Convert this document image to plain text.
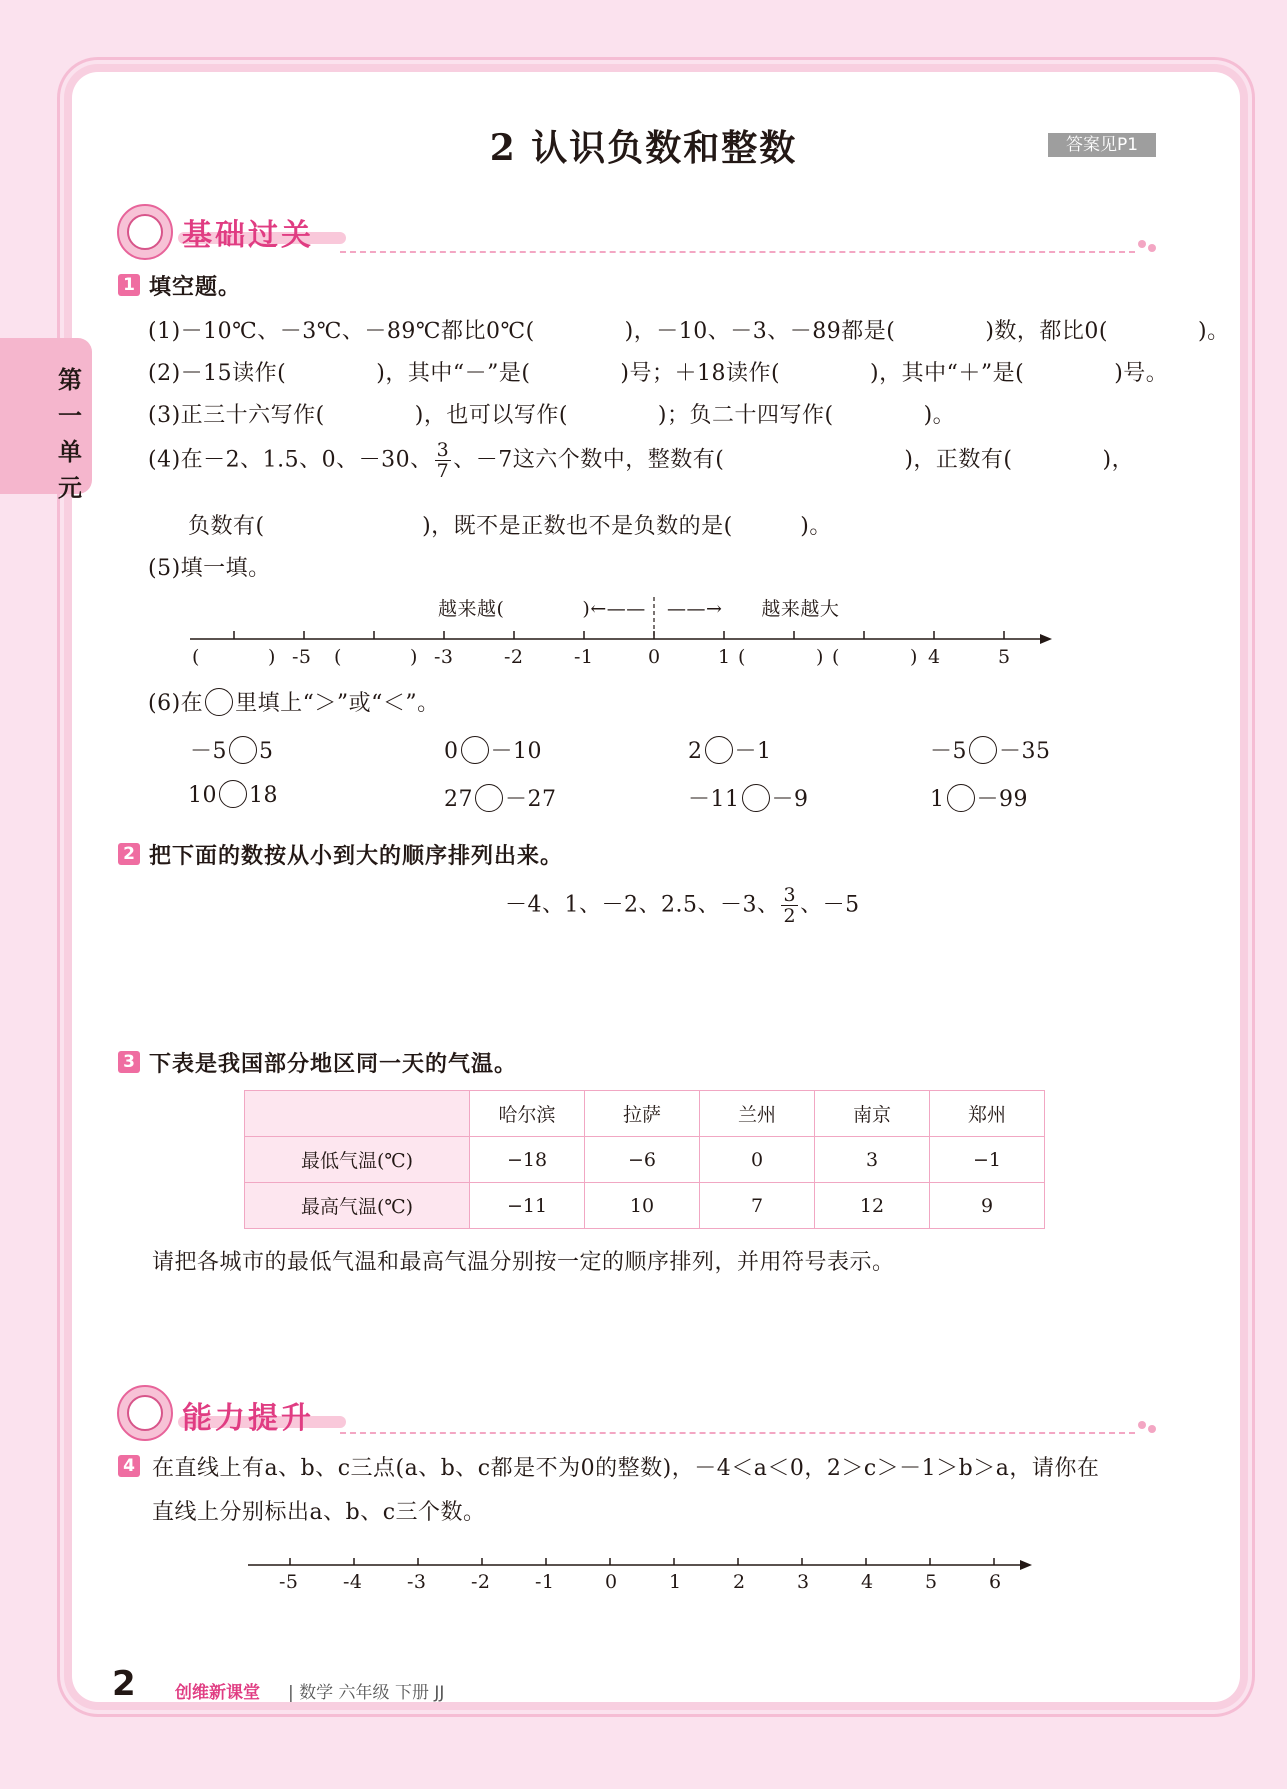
2 认识负数和整数	答案见P1
第一单元
基础过关
1 填空题。
(1)－10℃、－3℃、－89℃都比0℃(　　　　)，－10、－3、－89都是(　　　　)数，都比0(　　　　)。
(2)－15读作(　　　　)，其中“－”是(　　　　)号；＋18读作(　　　　)，其中“＋”是(　　　　)号。
(3)正三十六写作(　　　　)，也可以写作(　　　　)；负二十四写作(　　　　)。
(4)在－2、1.5、0、－30、 $\frac{3}{7}$ 、－7这六个数中，整数有(　　　　　　　　)，正数有(　　　　)，
负数有(　　　　　　　)，既不是正数也不是负数的是(　　　)。
(5)填一填。
越来越(　　　　)←—— ——→　　越来越大
(	) -5 (	) -3	-2	-1	0	1 (	) (	) 4	5
(6)在 里填上“＞”或“＜”。
－5 5	0 －10	2 －1	－5 －35
10 18	27 －27	－11 －9	1 －99
2 把下面的数按从小到大的顺序排列出来。
－4、1、－2、2.5、－3、 $\frac{3}{2}$ 、－5
3 下表是我国部分地区同一天的气温。
	哈尔滨	拉萨	兰州	南京	郑州
最低气温(℃)	−18	−6	0	3	−1
最高气温(℃)	−11	10	7	12	9
请把各城市的最低气温和最高气温分别按一定的顺序排列，并用符号表示。
能力提升
4 在直线上有a、b、c三点(a、b、c都是不为0的整数)，－4＜a＜0，2＞c＞－1＞b＞a，请你在
直线上分别标出a、b、c三个数。
-5 -4 -3 -2 -1	0	1	2	3	4	5	6
2 创维新课堂 | 数学 六年级 下册 JJ
